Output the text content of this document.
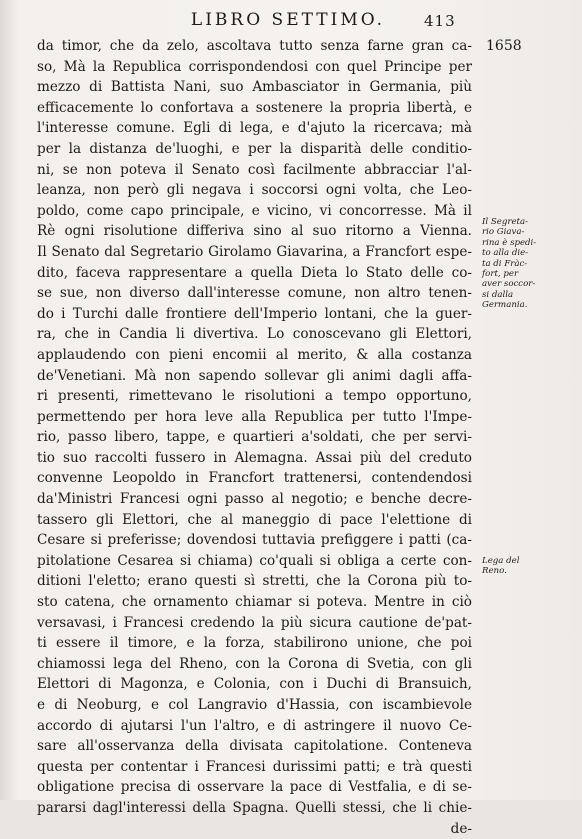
LIBRO SETTIMO.	413
1658
da timor, che da zelo, ascoltava tutto senza farne gran ca-
so, Mà la Republica corrispondendosi con quel Principe per
mezzo di Battista Nani, suo Ambasciator in Germania, più
efficacemente lo confortava a sostenere la propria libertà, e
l'interesse comune. Egli di lega, e d'ajuto la ricercava; mà
per la distanza de'luoghi, e per la disparità delle conditio-
ni, se non poteva il Senato così facilmente abbracciar l'al-
leanza, non però gli negava i soccorsi ogni volta, che Leo-
poldo, come capo principale, e vicino, vi concorresse. Mà il
Rè ogni risolutione differiva sino al suo ritorno a Vienna.
Il Senato dal Segretario Girolamo Giavarina, a Francfort espe-
dito, faceva rappresentare a quella Dieta lo Stato delle co-
se sue, non diverso dall'interesse comune, non altro tenen-
do i Turchi dalle frontiere dell'Imperio lontani, che la guer-
ra, che in Candia li divertiva. Lo conoscevano gli Elettori,
applaudendo con pieni encomii al merito, & alla costanza
de'Venetiani. Mà non sapendo sollevar gli animi dagli affa-
ri presenti, rimettevano le risolutioni a tempo opportuno,
permettendo per hora leve alla Republica per tutto l'Impe-
rio, passo libero, tappe, e quartieri a'soldati, che per servi-
tio suo raccolti fussero in Alemagna. Assai più del creduto
convenne Leopoldo in Francfort trattenersi, contendendosi
da'Ministri Francesi ogni passo al negotio; e benche decre-
tassero gli Elettori, che al maneggio di pace l'elettione di
Cesare si preferisse; dovendosi tuttavia prefiggere i patti (ca-
pitolatione Cesarea si chiama) co'quali si obliga a certe con-
ditioni l'eletto; erano questi sì stretti, che la Corona più to-
sto catena, che ornamento chiamar si poteva. Mentre in ciò
versavasi, i Francesi credendo la più sicura cautione de'pat-
ti essere il timore, e la forza, stabilirono unione, che poi
chiamossi lega del Rheno, con la Corona di Svetia, con gli
Elettori di Magonza, e Colonia, con i Duchi di Bransuich,
e di Neoburg, e col Langravio d'Hassia, con iscambievole
accordo di ajutarsi l'un l'altro, e di astringere il nuovo Ce-
sare all'osservanza della divisata capitolatione. Conteneva
questa per contentar i Francesi durissimi patti; e trà questi
obligatione precisa di osservare la pace di Vestfalia, e di se-
pararsi dagl'interessi della Spagna. Quelli stessi, che li chie-
de-
Il Segreta-
rio Giava-
rina è spedi-
to alla die-
ta di Fràc-
fort, per
aver soccor-
si dalla
Germania.
Lega del
Reno.
